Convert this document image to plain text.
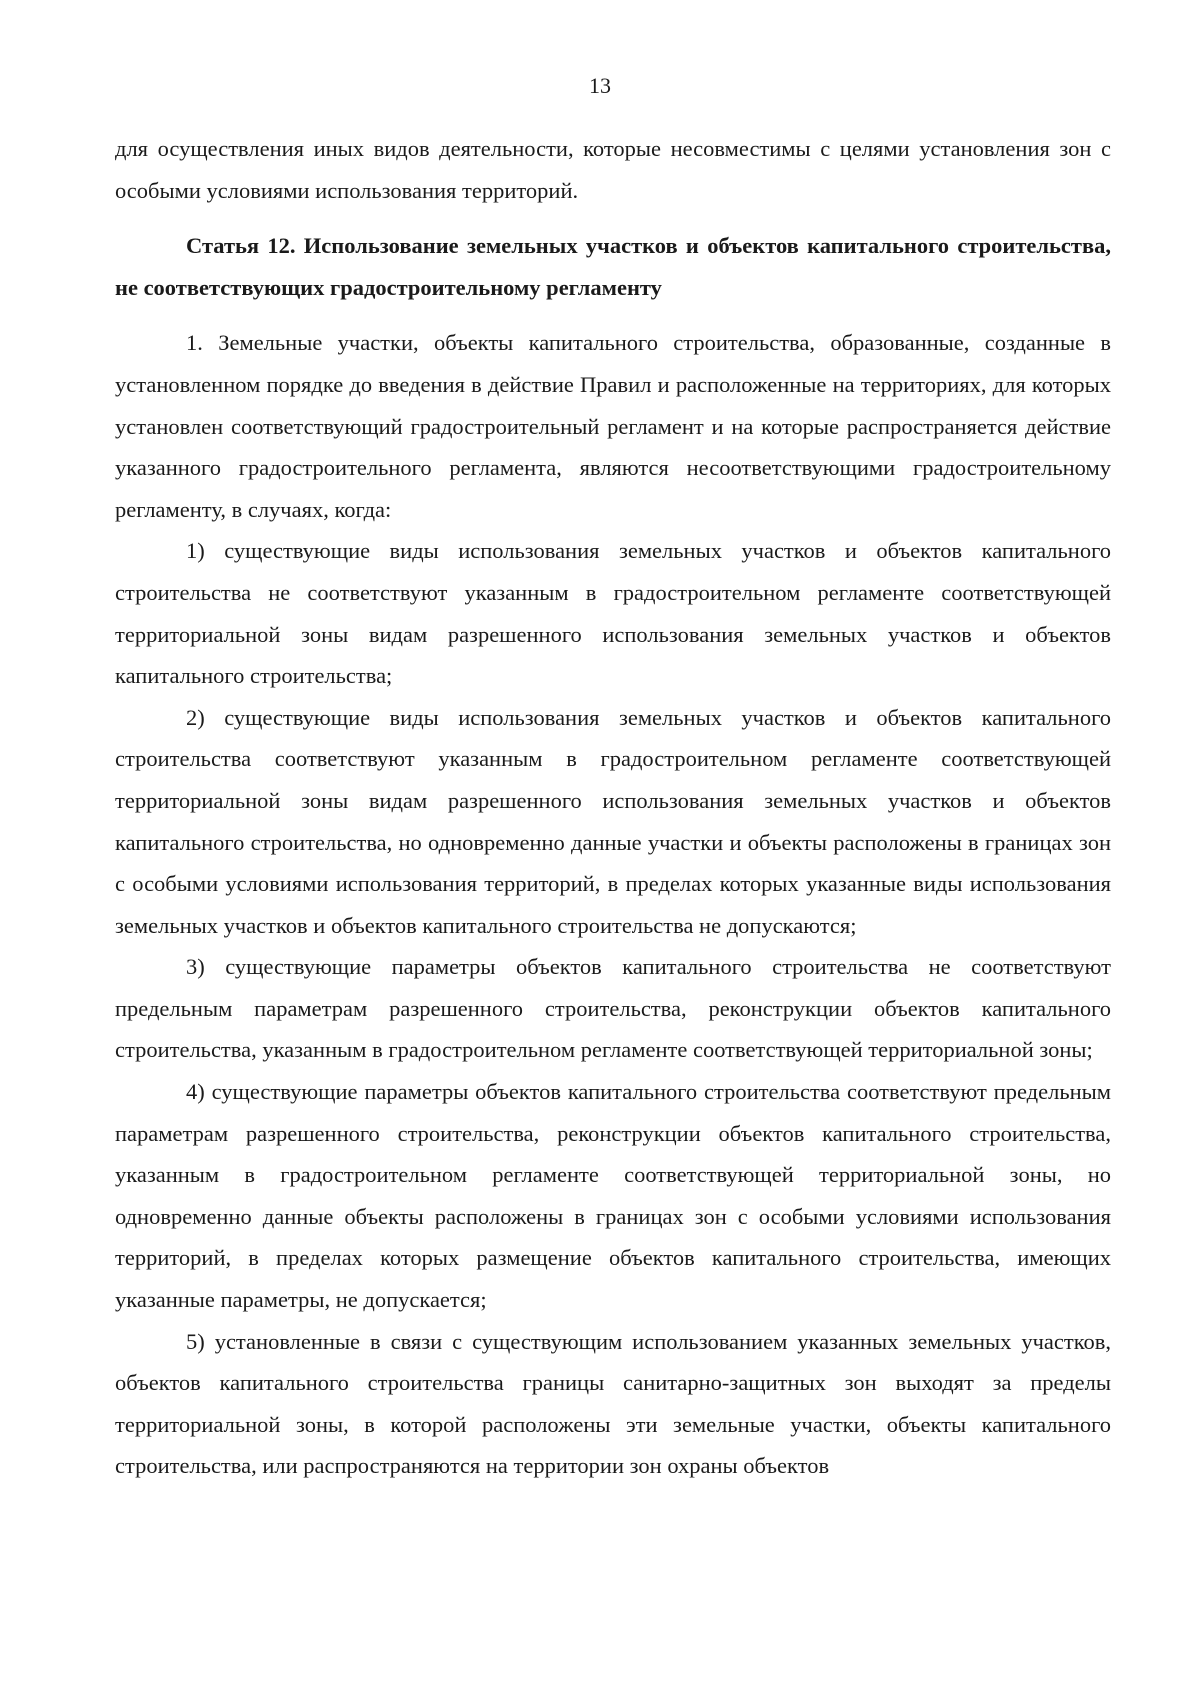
13

для осуществления иных видов деятельности, которые несовместимы с целями установления зон с особыми условиями использования территорий.

Статья 12. Использование земельных участков и объектов капитального строительства, не соответствующих градостроительному регламенту

1. Земельные участки, объекты капитального строительства, образованные, созданные в установленном порядке до введения в действие Правил и расположенные на территориях, для которых установлен соответствующий градостроительный регламент и на которые распространяется действие указанного градостроительного регламента, являются несоответствующими градостроительному регламенту, в случаях, когда:

1) существующие виды использования земельных участков и объектов капитального строительства не соответствуют указанным в градостроительном регламенте соответствующей территориальной зоны видам разрешенного использования земельных участков и объектов капитального строительства;

2) существующие виды использования земельных участков и объектов капитального строительства соответствуют указанным в градостроительном регламенте соответствующей территориальной зоны видам разрешенного использования земельных участков и объектов капитального строительства, но одновременно данные участки и объекты расположены в границах зон с особыми условиями использования территорий, в пределах которых указанные виды использования земельных участков и объектов капитального строительства не допускаются;

3) существующие параметры объектов капитального строительства не соответствуют предельным параметрам разрешенного строительства, реконструкции объектов капитального строительства, указанным в градостроительном регламенте соответствующей территориальной зоны;

4) существующие параметры объектов капитального строительства соответствуют предельным параметрам разрешенного строительства, реконструкции объектов капитального строительства, указанным в градостроительном регламенте соответствующей территориальной зоны, но одновременно данные объекты расположены в границах зон с особыми условиями использования территорий, в пределах которых размещение объектов капитального строительства, имеющих указанные параметры, не допускается;

5) установленные в связи с существующим использованием указанных земельных участков, объектов капитального строительства границы санитарно-защитных зон выходят за пределы территориальной зоны, в которой расположены эти земельные участки, объекты капитального строительства, или распространяются на территории зон охраны объектов
